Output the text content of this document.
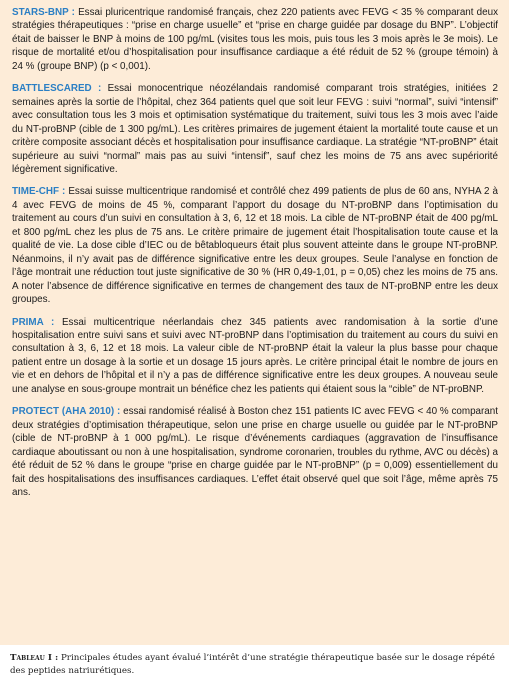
STARS-BNP : Essai pluricentrique randomisé français, chez 220 patients avec FEVG < 35 % comparant deux stratégies thérapeutiques : “prise en charge usuelle” et “prise en charge guidée par dosage du BNP”. L’objectif était de baisser le BNP à moins de 100 pg/mL (visites tous les mois, puis tous les 3 mois après le 3e mois). Le risque de mortalité et/ou d’hospitalisation pour insuffisance cardiaque a été réduit de 52 % (groupe témoin) à 24 % (groupe BNP) (p < 0,001).

BATTLESCARED : Essai monocentrique néozélandais randomisé comparant trois stratégies, initiées 2 semaines après la sortie de l’hôpital, chez 364 patients quel que soit leur FEVG : suivi “normal”, suivi “intensif” avec consultation tous les 3 mois et optimisation systématique du traitement, suivi tous les 3 mois avec l’aide du NT-proBNP (cible de 1 300 pg/mL). Les critères primaires de jugement étaient la mortalité toute cause et un critère composite associant décès et hospitalisation pour insuffisance cardiaque. La stratégie “NT-proBNP” était supérieure au suivi “normal” mais pas au suivi “intensif”, sauf chez les moins de 75 ans avec supériorité légèrement significative.

TIME-CHF : Essai suisse multicentrique randomisé et contrôlé chez 499 patients de plus de 60 ans, NYHA 2 à 4 avec FEVG de moins de 45 %, comparant l’apport du dosage du NT-proBNP dans l’optimisation du traitement au cours d’un suivi en consultation à 3, 6, 12 et 18 mois. La cible de NT-proBNP était de 400 pg/mL et 800 pg/mL chez les plus de 75 ans. Le critère primaire de jugement était l’hospitalisation toute cause et la qualité de vie. La dose cible d’IEC ou de bêtabloqueurs était plus souvent atteinte dans le groupe NT-proBNP. Néanmoins, il n’y avait pas de différence significative entre les deux groupes. Seule l’analyse en fonction de l’âge montrait une réduction tout juste significative de 30 % (HR 0,49-1,01, p = 0,05) chez les moins de 75 ans. A noter l’absence de différence significative en termes de changement des taux de NT-proBNP entre les deux groupes.

PRIMA : Essai multicentrique néerlandais chez 345 patients avec randomisation à la sortie d’une hospitalisation entre suivi sans et suivi avec NT-proBNP dans l’optimisation du traitement au cours du suivi en consultation à 3, 6, 12 et 18 mois. La valeur cible de NT-proBNP était la valeur la plus basse pour chaque patient entre un dosage à la sortie et un dosage 15 jours après. Le critère principal était le nombre de jours en vie et en dehors de l’hôpital et il n’y a pas de différence significative entre les deux groupes. A nouveau seule une analyse en sous-groupe montrait un bénéfice chez les patients qui étaient sous la “cible” de NT-proBNP.

PROTECT (AHA 2010) : essai randomisé réalisé à Boston chez 151 patients IC avec FEVG < 40 % comparant deux stratégies d’optimisation thérapeutique, selon une prise en charge usuelle ou guidée par le NT-proBNP (cible de NT-proBNP à 1 000 pg/mL). Le risque d’événements cardiaques (aggravation de l’insuffisance cardiaque aboutissant ou non à une hospitalisation, syndrome coronarien, troubles du rythme, AVC ou décès) a été réduit de 52 % dans le groupe “prise en charge guidée par le NT-proBNP” (p = 0,009) essentiellement du fait des hospitalisations des insuffisances cardiaques. L’effet était observé quel que soit l’âge, même après 75 ans.

Tableau I : Principales études ayant évalué l’intérêt d’une stratégie thérapeutique basée sur le dosage répété des peptides natriurétiques.
